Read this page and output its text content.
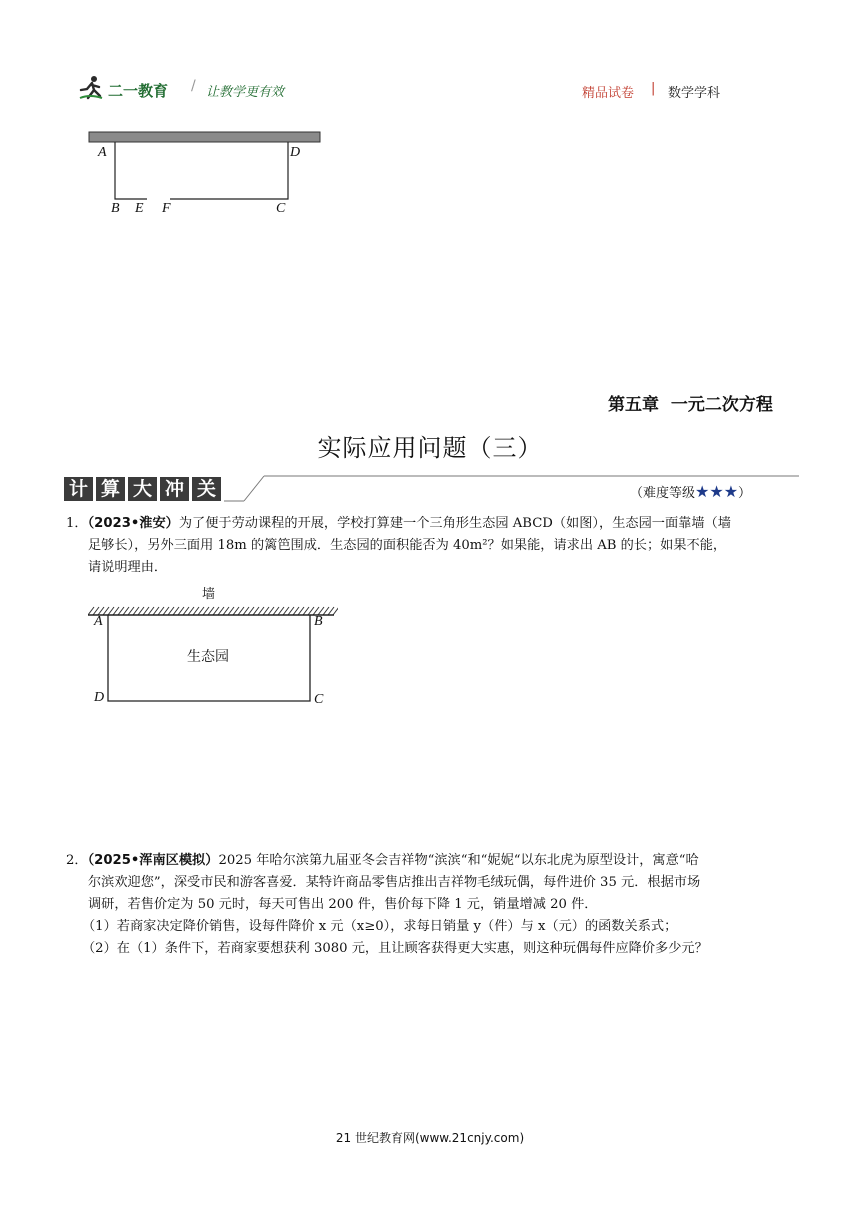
二一教育 / 让教学更有效	精品试卷 | 数学学科
A	D
B E F	C
第五章  一元二次方程
实际应用问题（三）
计 算 大 冲 关	（难度等级★★★）
1．（2023•淮安）为了便于劳动课程的开展，学校打算建一个三角形生态园 ABCD（如图），生态园一面靠墙（墙
足够长），另外三面用 18m 的篱笆围成．生态园的面积能否为 40m²？如果能，请求出 AB 的长；如果不能，
请说明理由．
墙
生态园
A	B
D	C
2．（2025•浑南区模拟）2025 年哈尔滨第九届亚冬会吉祥物“滨滨“和“妮妮“以东北虎为原型设计，寓意“哈
尔滨欢迎您”，深受市民和游客喜爱．某特许商品零售店推出吉祥物毛绒玩偶，每件进价 35 元．根据市场
调研，若售价定为 50 元时，每天可售出 200 件，售价每下降 1 元，销量增减 20 件．
（1）若商家决定降价销售，设每件降价 x 元（x≥0），求每日销量 y（件）与 x（元）的函数关系式；
（2）在（1）条件下，若商家要想获利 3080 元，且让顾客获得更大实惠，则这种玩偶每件应降价多少元？
21 世纪教育网(www.21cnjy.com)
